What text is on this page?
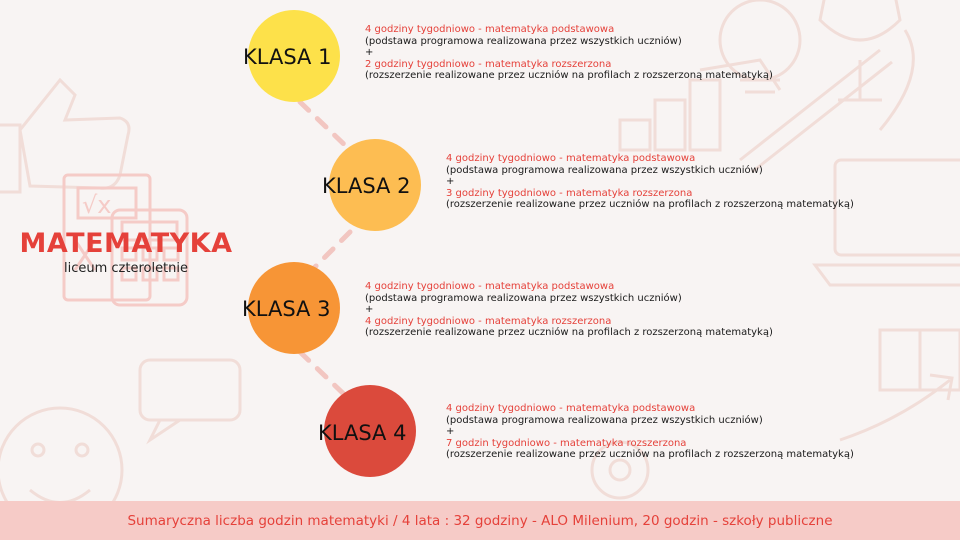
√x
MATEMATYKA
liceum czteroletnie
KLASA 1
4 godziny tygodniowo - matematyka podstawowa
(podstawa programowa realizowana przez wszystkich uczniów)
+
2 godziny tygodniowo - matematyka rozszerzona
(rozszerzenie realizowane przez uczniów na profilach z rozszerzoną matematyką)
KLASA 2
4 godziny tygodniowo - matematyka podstawowa
(podstawa programowa realizowana przez wszystkich uczniów)
+
3 godziny tygodniowo - matematyka rozszerzona
(rozszerzenie realizowane przez uczniów na profilach z rozszerzoną matematyką)
KLASA 3
4 godziny tygodniowo - matematyka podstawowa
(podstawa programowa realizowana przez wszystkich uczniów)
+
4 godziny tygodniowo - matematyka rozszerzona
(rozszerzenie realizowane przez uczniów na profilach z rozszerzoną matematyką)
KLASA 4
4 godziny tygodniowo - matematyka podstawowa
(podstawa programowa realizowana przez wszystkich uczniów)
+
7 godzin tygodniowo - matematyka rozszerzona
(rozszerzenie realizowane przez uczniów na profilach z rozszerzoną matematyką)
Sumaryczna liczba godzin matematyki / 4 lata : 32 godziny - ALO Milenium, 20 godzin - szkoły publiczne
